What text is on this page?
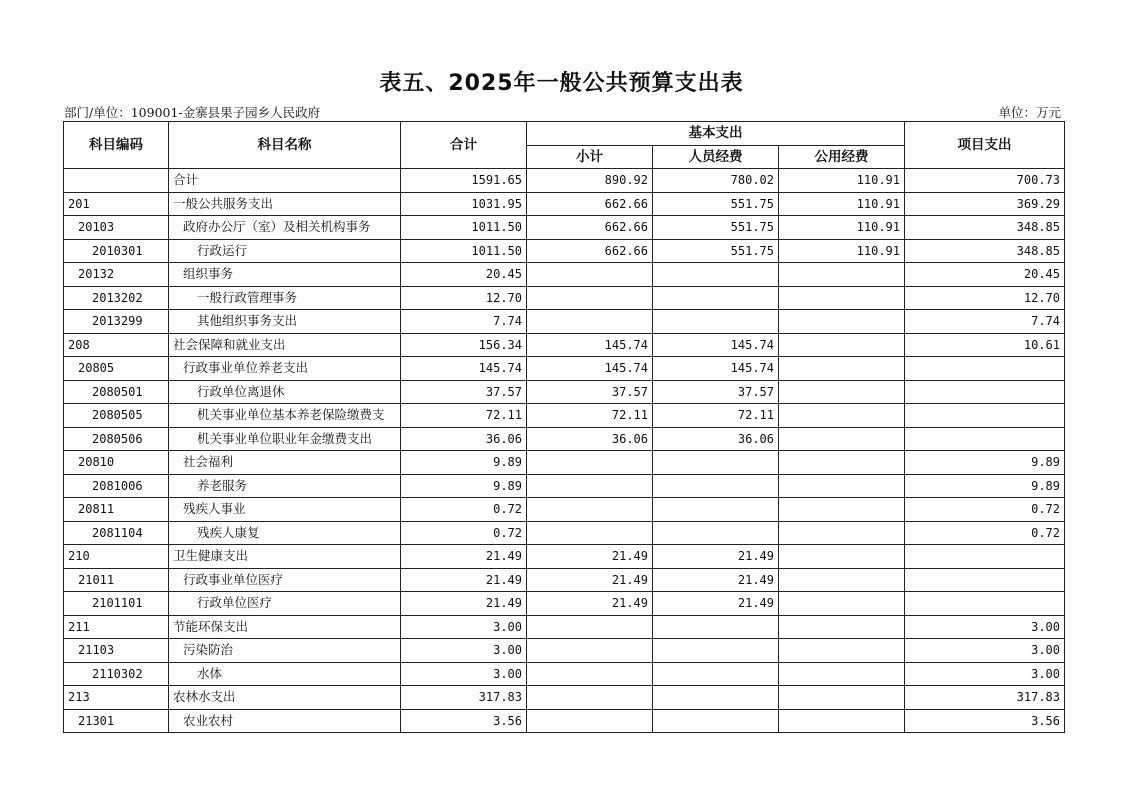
表五、2025年一般公共预算支出表
部门/单位：109001-金寨县果子园乡人民政府	单位：万元
科目编码	科目名称	合计	基本支出			项目支出
			小计	人员经费	公用经费	
	合计	1591.65	890.92	780.02	110.91	700.73
201	一般公共服务支出	1031.95	662.66	551.75	110.91	369.29
20103	政府办公厅（室）及相关机构事务	1011.50	662.66	551.75	110.91	348.85
2010301	行政运行	1011.50	662.66	551.75	110.91	348.85
20132	组织事务	20.45				20.45
2013202	一般行政管理事务	12.70				12.70
2013299	其他组织事务支出	7.74				7.74
208	社会保障和就业支出	156.34	145.74	145.74		10.61
20805	行政事业单位养老支出	145.74	145.74	145.74		
2080501	行政单位离退休	37.57	37.57	37.57		
2080505	机关事业单位基本养老保险缴费支	72.11	72.11	72.11		
2080506	机关事业单位职业年金缴费支出	36.06	36.06	36.06		
20810	社会福利	9.89				9.89
2081006	养老服务	9.89				9.89
20811	残疾人事业	0.72				0.72
2081104	残疾人康复	0.72				0.72
210	卫生健康支出	21.49	21.49	21.49		
21011	行政事业单位医疗	21.49	21.49	21.49		
2101101	行政单位医疗	21.49	21.49	21.49		
211	节能环保支出	3.00				3.00
21103	污染防治	3.00				3.00
2110302	水体	3.00				3.00
213	农林水支出	317.83				317.83
21301	农业农村	3.56				3.56
